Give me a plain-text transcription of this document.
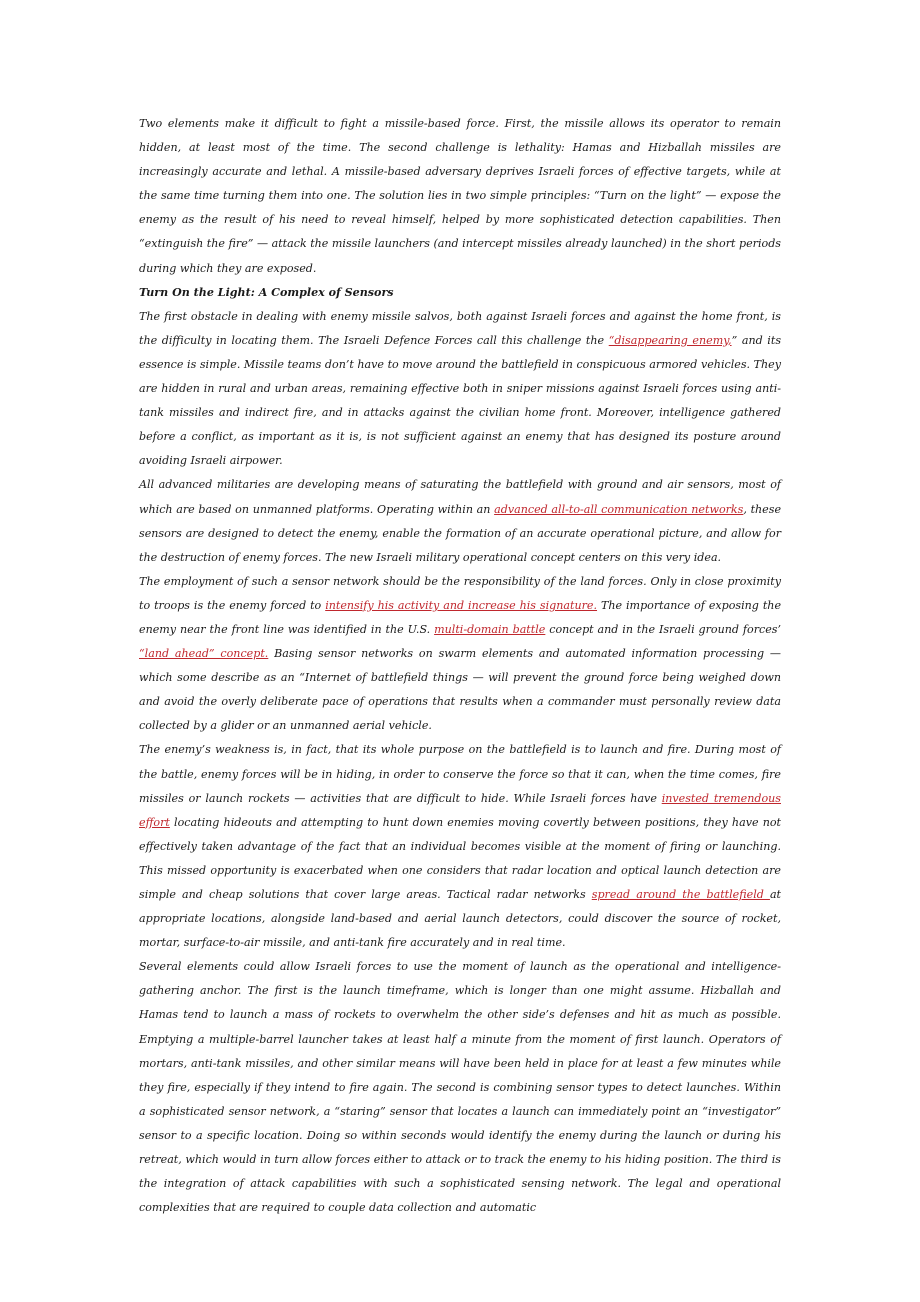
Two elements make it difficult to fight a missile-based force. First, the missile allows its operator to remain hidden, at least most of the time. The second challenge is lethality: Hamas and Hizballah missiles are increasingly accurate and lethal. A missile-based adversary deprives Israeli forces of effective targets, while at the same time turning them into one. The solution lies in two simple principles: “Turn on the light” — expose the enemy as the result of his need to reveal himself, helped by more sophisticated detection capabilities. Then “extinguish the fire” — attack the missile launchers (and intercept missiles already launched) in the short periods during which they are exposed.

Turn On the Light: A Complex of Sensors

The first obstacle in dealing with enemy missile salvos, both against Israeli forces and against the home front, is the difficulty in locating them. The Israeli Defence Forces call this challenge the “disappearing enemy,” and its essence is simple. Missile teams don’t have to move around the battlefield in conspicuous armored vehicles. They are hidden in rural and urban areas, remaining effective both in sniper missions against Israeli forces using anti-tank missiles and indirect fire, and in attacks against the civilian home front. Moreover, intelligence gathered before a conflict, as important as it is, is not sufficient against an enemy that has designed its posture around avoiding Israeli airpower.

All advanced militaries are developing means of saturating the battlefield with ground and air sensors, most of which are based on unmanned platforms. Operating within an advanced all-to-all communication networks, these sensors are designed to detect the enemy, enable the formation of an accurate operational picture, and allow for the destruction of enemy forces. The new Israeli military operational concept centers on this very idea.

The employment of such a sensor network should be the responsibility of the land forces. Only in close proximity to troops is the enemy forced to intensify his activity and increase his signature. The importance of exposing the enemy near the front line was identified in the U.S. multi-domain battle concept and in the Israeli ground forces’ “land ahead” concept. Basing sensor networks on swarm elements and automated information processing — which some describe as an “Internet of battlefield things — will prevent the ground force being weighed down and avoid the overly deliberate pace of operations that results when a commander must personally review data collected by a glider or an unmanned aerial vehicle.

The enemy’s weakness is, in fact, that its whole purpose on the battlefield is to launch and fire. During most of the battle, enemy forces will be in hiding, in order to conserve the force so that it can, when the time comes, fire missiles or launch rockets — activities that are difficult to hide. While Israeli forces have invested tremendous effort locating hideouts and attempting to hunt down enemies moving covertly between positions, they have not effectively taken advantage of the fact that an individual becomes visible at the moment of firing or launching. This missed opportunity is exacerbated when one considers that radar location and optical launch detection are simple and cheap solutions that cover large areas. Tactical radar networks spread around the battlefield at appropriate locations, alongside land-based and aerial launch detectors, could discover the source of rocket, mortar, surface-to-air missile, and anti-tank fire accurately and in real time.

Several elements could allow Israeli forces to use the moment of launch as the operational and intelligence-gathering anchor. The first is the launch timeframe, which is longer than one might assume. Hizballah and Hamas tend to launch a mass of rockets to overwhelm the other side’s defenses and hit as much as possible. Emptying a multiple-barrel launcher takes at least half a minute from the moment of first launch. Operators of mortars, anti-tank missiles, and other similar means will have been held in place for at least a few minutes while they fire, especially if they intend to fire again. The second is combining sensor types to detect launches. Within a sophisticated sensor network, a “staring” sensor that locates a launch can immediately point an “investigator” sensor to a specific location. Doing so within seconds would identify the enemy during the launch or during his retreat, which would in turn allow forces either to attack or to track the enemy to his hiding position. The third is the integration of attack capabilities with such a sophisticated sensing network. The legal and operational complexities that are required to couple data collection and automatic
